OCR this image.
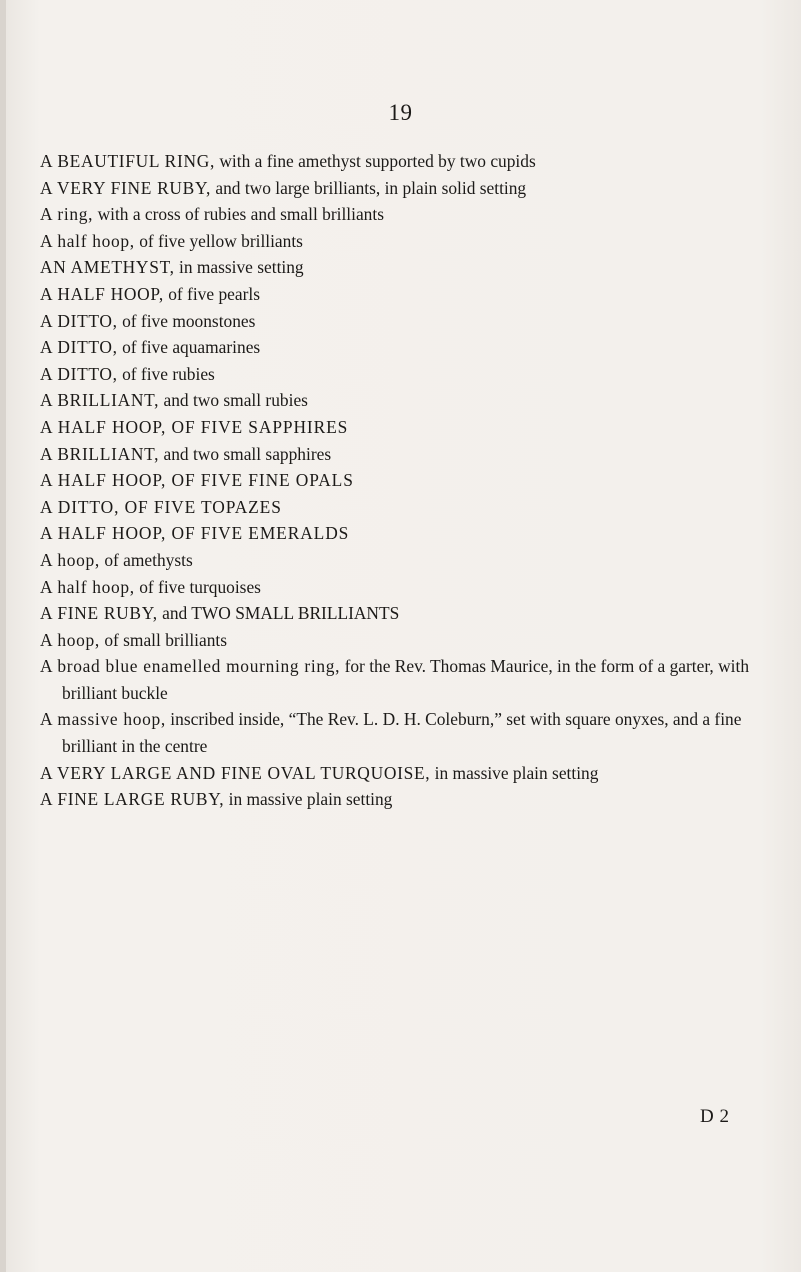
19
A BEAUTIFUL RING, with a fine amethyst supported by two cupids
A VERY FINE RUBY, and two large brilliants, in plain solid setting
A ring, with a cross of rubies and small brilliants
A half hoop, of five yellow brilliants
AN AMETHYST, in massive setting
A HALF HOOP, of five pearls
A DITTO, of five moonstones
A DITTO, of five aquamarines
A DITTO, of five rubies
A BRILLIANT, and two small rubies
A HALF HOOP, OF FIVE SAPPHIRES
A BRILLIANT, and two small sapphires
A HALF HOOP, OF FIVE FINE OPALS
A DITTO, OF FIVE TOPAZES
A HALF HOOP, OF FIVE EMERALDS
A hoop, of amethysts
A half hoop, of five turquoises
A FINE RUBY, and TWO SMALL BRILLIANTS
A hoop, of small brilliants
A broad blue enamelled mourning ring, for the Rev. Thomas Maurice, in the form of a garter, with brilliant buckle
A massive hoop, inscribed inside, “The Rev. L. D. H. Coleburn,” set with square onyxes, and a fine brilliant in the centre
A VERY LARGE AND FINE OVAL TURQUOISE, in massive plain setting
A FINE LARGE RUBY, in massive plain setting
D 2
